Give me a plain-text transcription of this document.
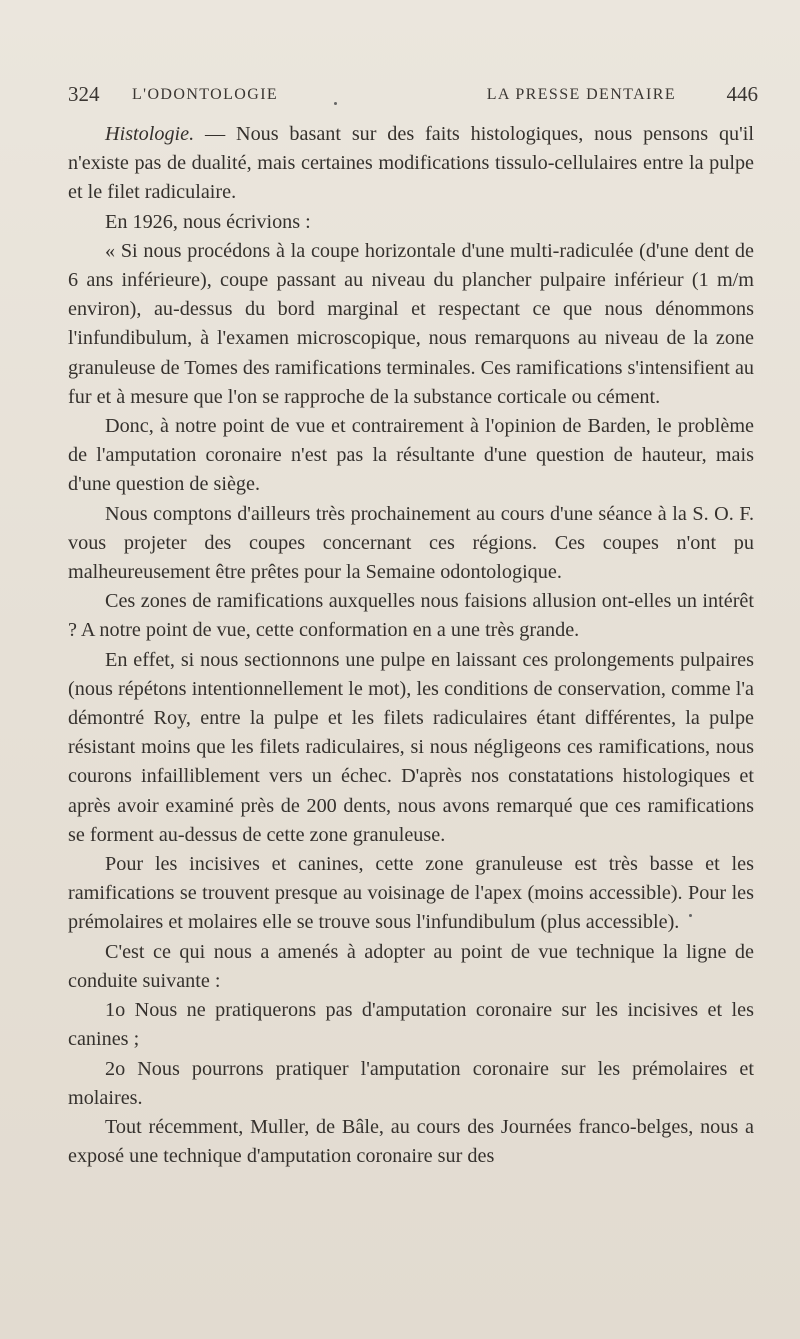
324 L'ODONTOLOGIE	LA PRESSE DENTAIRE 446

Histologie. — Nous basant sur des faits histologiques, nous pensons qu'il n'existe pas de dualité, mais certaines modifications tissulo-cellulaires entre la pulpe et le filet radiculaire.

En 1926, nous écrivions :

« Si nous procédons à la coupe horizontale d'une multi-radiculée (d'une dent de 6 ans inférieure), coupe passant au niveau du plancher pulpaire inférieur (1 m/m environ), au-dessus du bord marginal et respectant ce que nous dénommons l'infundibulum, à l'examen microscopique, nous remarquons au niveau de la zone granuleuse de Tomes des ramifications terminales. Ces ramifications s'intensifient au fur et à mesure que l'on se rapproche de la substance corticale ou cément.

Donc, à notre point de vue et contrairement à l'opinion de Barden, le problème de l'amputation coronaire n'est pas la résultante d'une question de hauteur, mais d'une question de siège.

Nous comptons d'ailleurs très prochainement au cours d'une séance à la S. O. F. vous projeter des coupes concernant ces régions. Ces coupes n'ont pu malheureusement être prêtes pour la Semaine odontologique.

Ces zones de ramifications auxquelles nous faisions allusion ont-elles un intérêt ? A notre point de vue, cette conformation en a une très grande.

En effet, si nous sectionnons une pulpe en laissant ces prolongements pulpaires (nous répétons intentionnellement le mot), les conditions de conservation, comme l'a démontré Roy, entre la pulpe et les filets radiculaires étant différentes, la pulpe résistant moins que les filets radiculaires, si nous négligeons ces ramifications, nous courons infailliblement vers un échec. D'après nos constatations histologiques et après avoir examiné près de 200 dents, nous avons remarqué que ces ramifications se forment au-dessus de cette zone granuleuse.

Pour les incisives et canines, cette zone granuleuse est très basse et les ramifications se trouvent presque au voisinage de l'apex (moins accessible). Pour les prémolaires et molaires elle se trouve sous l'infundibulum (plus accessible).

C'est ce qui nous a amenés à adopter au point de vue technique la ligne de conduite suivante :

1o Nous ne pratiquerons pas d'amputation coronaire sur les incisives et les canines ;

2o Nous pourrons pratiquer l'amputation coronaire sur les prémolaires et molaires.

Tout récemment, Muller, de Bâle, au cours des Journées franco-belges, nous a exposé une technique d'amputation coronaire sur des
